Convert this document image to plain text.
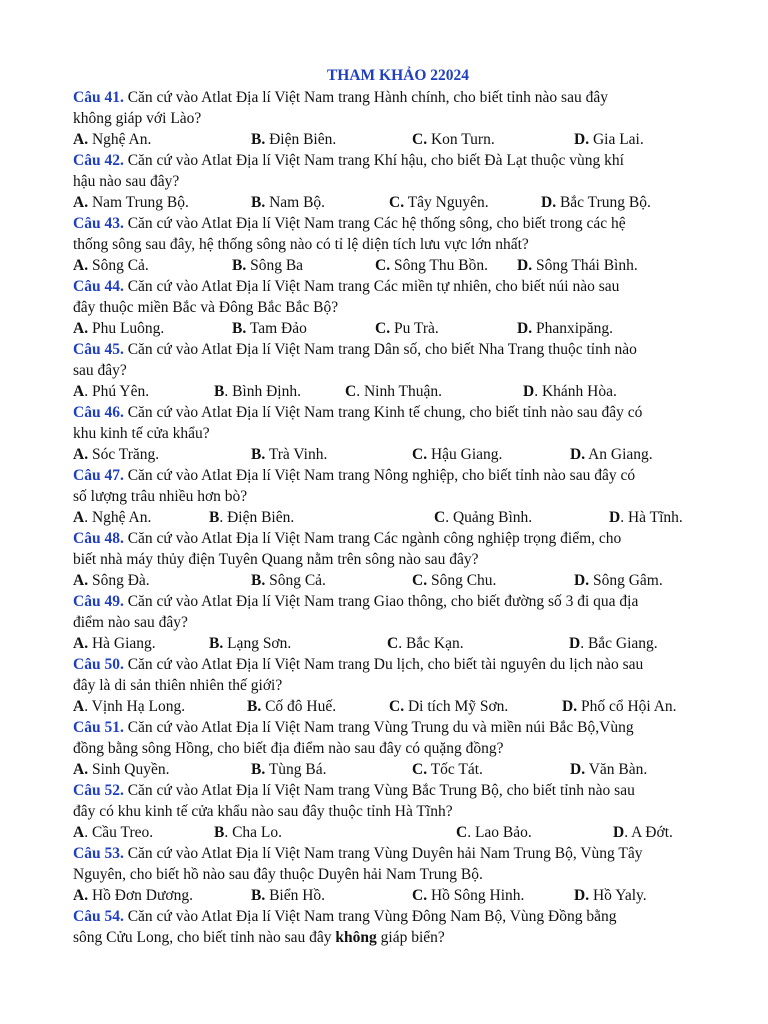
THAM KHẢO 22024
Câu 41. Căn cứ vào Atlat Địa lí Việt Nam trang Hành chính, cho biết tỉnh nào sau đây
không giáp với Lào?
A. Nghệ An.	B. Điện Biên.	C. Kon Turn.	D. Gia Lai.
Câu 42. Căn cứ vào Atlat Địa lí Việt Nam trang Khí hậu, cho biết Đà Lạt thuộc vùng khí
hậu nào sau đây?
A. Nam Trung Bộ.	B. Nam Bộ.	C. Tây Nguyên.	D. Bắc Trung Bộ.
Câu 43. Căn cứ vào Atlat Địa lí Việt Nam trang Các hệ thống sông, cho biết trong các hệ
thống sông sau đây, hệ thống sông nào có tỉ lệ diện tích lưu vực lớn nhất?
A. Sông Cả.	B. Sông Ba	C. Sông Thu Bồn. D. Sông Thái Bình.
Câu 44. Căn cứ vào Atlat Địa lí Việt Nam trang Các miền tự nhiên, cho biết núi nào sau
đây thuộc miền Bắc và Đông Bắc Bắc Bộ?
A. Phu Luông.	B. Tam Đảo	C. Pu Trà.	D. Phanxipăng.
Câu 45. Căn cứ vào Atlat Địa lí Việt Nam trang Dân số, cho biết Nha Trang thuộc tỉnh nào
sau đây?
A. Phú Yên.	B. Bình Định.	C. Ninh Thuận.	D. Khánh Hòa.
Câu 46. Căn cứ vào Atlat Địa lí Việt Nam trang Kinh tế chung, cho biết tỉnh nào sau đây có
khu kinh tế cửa khẩu?
A. Sóc Trăng.	B. Trà Vinh.	C. Hậu Giang.	D. An Giang.
Câu 47. Căn cứ vào Atlat Địa lí Việt Nam trang Nông nghiệp, cho biết tỉnh nào sau đây có
số lượng trâu nhiều hơn bò?
A. Nghệ An.	B. Điện Biên.	C. Quảng Bình.	D. Hà Tĩnh.
Câu 48. Căn cứ vào Atlat Địa lí Việt Nam trang Các ngành công nghiệp trọng điểm, cho
biết nhà máy thủy điện Tuyên Quang nằm trên sông nào sau đây?
A. Sông Đà.	B. Sông Cả.	C. Sông Chu.	D. Sông Gâm.
Câu 49. Căn cứ vào Atlat Địa lí Việt Nam trang Giao thông, cho biết đường số 3 đi qua địa
điểm nào sau đây?
A. Hà Giang.	B. Lạng Sơn.	C. Bắc Kạn.	D. Bắc Giang.
Câu 50. Căn cứ vào Atlat Địa lí Việt Nam trang Du lịch, cho biết tài nguyên du lịch nào sau
đây là di sản thiên nhiên thế giới?
A. Vịnh Hạ Long.	B. Cố đô Huế.	C. Di tích Mỹ Sơn.	D. Phố cổ Hội An.
Câu 51. Căn cứ vào Atlat Địa lí Việt Nam trang Vùng Trung du và miền núi Bắc Bộ,Vùng
đồng bằng sông Hồng, cho biết địa điểm nào sau đây có quặng đồng?
A. Sinh Quyền.	B. Tùng Bá.	C. Tốc Tát.	D. Văn Bàn.
Câu 52. Căn cứ vào Atlat Địa lí Việt Nam trang Vùng Bắc Trung Bộ, cho biết tỉnh nào sau
đây có khu kinh tế cửa khẩu nào sau đây thuộc tỉnh Hà Tĩnh?
A. Cầu Treo.	B. Cha Lo.	C. Lao Bảo.	D. A Đớt.
Câu 53. Căn cứ vào Atlat Địa lí Việt Nam trang Vùng Duyên hải Nam Trung Bộ, Vùng Tây
Nguyên, cho biết hồ nào sau đây thuộc Duyên hải Nam Trung Bộ.
A. Hồ Đơn Dương.	B. Biển Hồ.	C. Hồ Sông Hinh.	D. Hồ Yaly.
Câu 54. Căn cứ vào Atlat Địa lí Việt Nam trang Vùng Đông Nam Bộ, Vùng Đồng bằng
sông Cửu Long, cho biết tỉnh nào sau đây không giáp biển?
